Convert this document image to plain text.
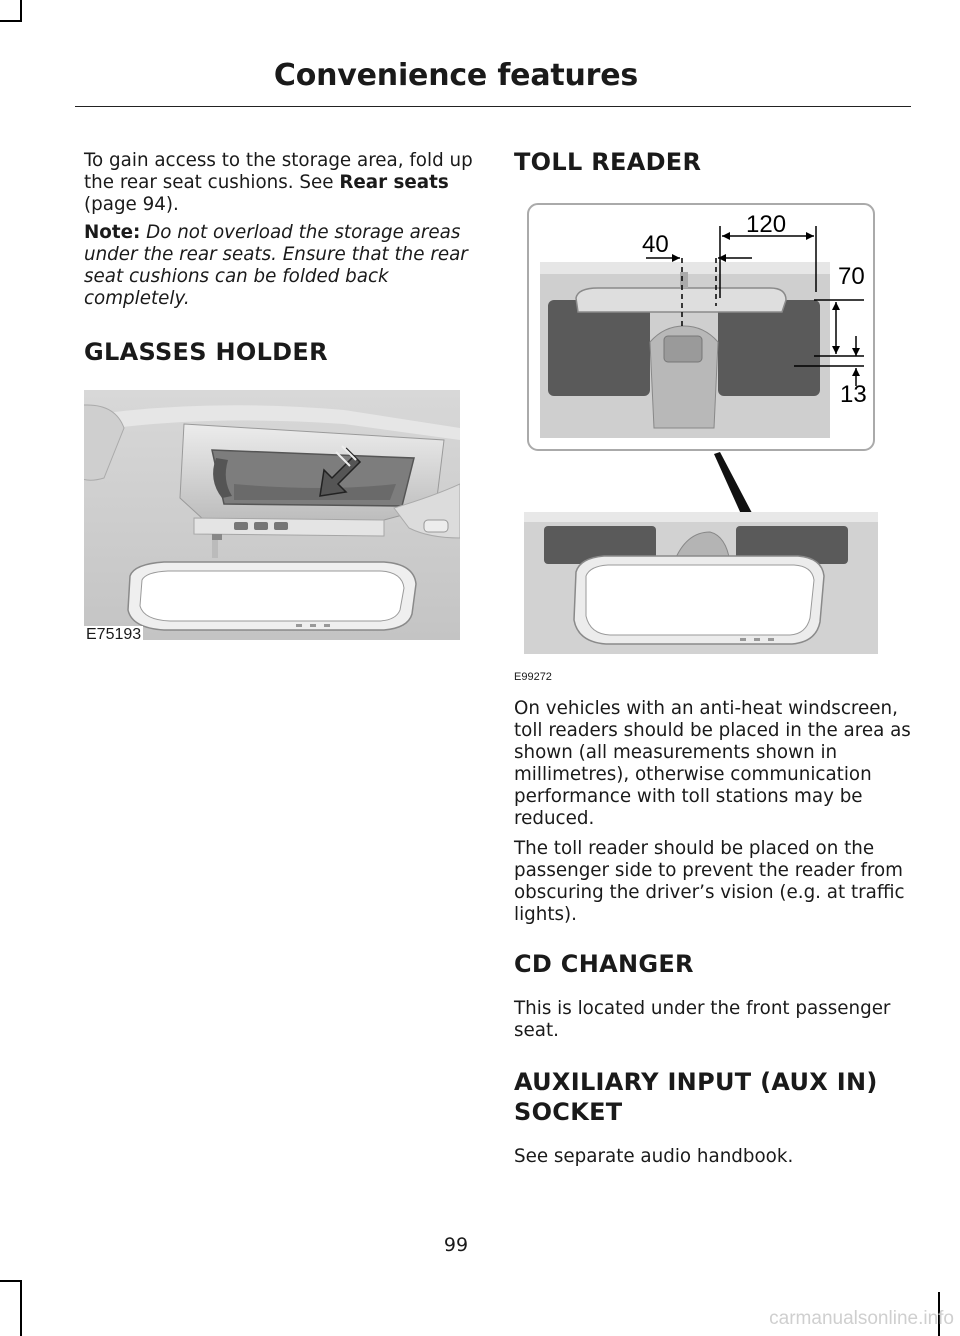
Convenience features

To gain access to the storage area, fold up the rear seat cushions. See Rear seats (page 94).

Note: Do not overload the storage areas under the rear seats. Ensure that the rear seat cushions can be folded back completely.

GLASSES HOLDER
E75193
TOLL READER
120
40
70
13
E99272

On vehicles with an anti-heat windscreen, toll readers should be placed in the area as shown (all measurements shown in millimetres), otherwise communication performance with toll stations may be reduced.

The toll reader should be placed on the passenger side to prevent the reader from obscuring the driver’s vision (e.g. at traffic lights).

CD CHANGER

This is located under the front passenger seat.

AUXILIARY INPUT (AUX IN)
SOCKET

See separate audio handbook.

99
carmanualsonline.info
